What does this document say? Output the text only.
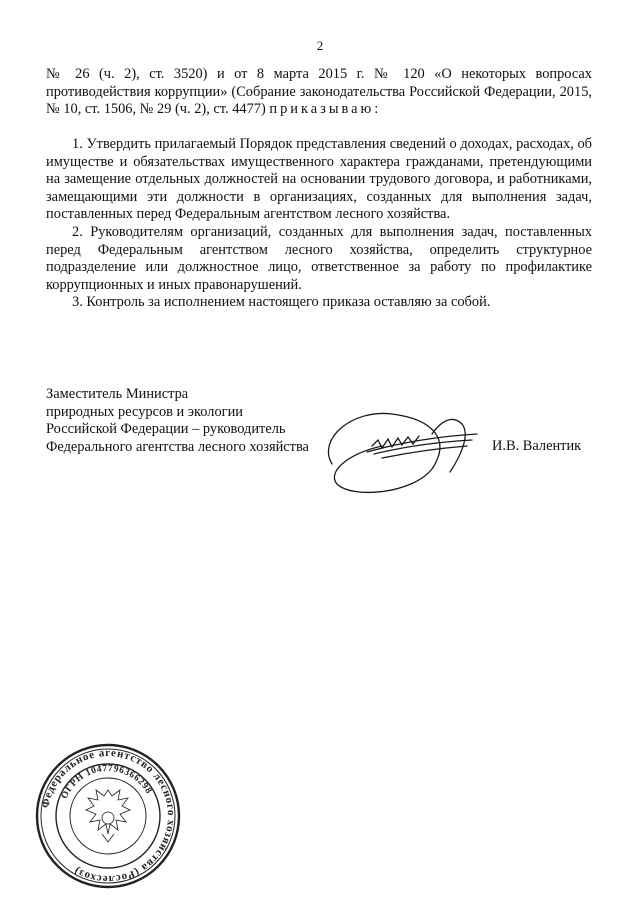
2
№ 26 (ч. 2), ст. 3520) и от 8 марта 2015 г. № 120 «О некоторых вопросах противодействия коррупции» (Собрание законодательства Российской Федерации, 2015, № 10, ст. 1506, № 29 (ч. 2), ст. 4477) приказываю:

1. Утвердить прилагаемый Порядок представления сведений о доходах, расходах, об имуществе и обязательствах имущественного характера гражданами, претендующими на замещение отдельных должностей на основании трудового договора, и работниками, замещающими эти должности в организациях, созданных для выполнения задач, поставленных перед Федеральным агентством лесного хозяйства.

2. Руководителям организаций, созданных для выполнения задач, поставленных перед Федеральным агентством лесного хозяйства, определить структурное подразделение или должностное лицо, ответственное за работу по профилактике коррупционных и иных правонарушений.

3. Контроль за исполнением настоящего приказа оставляю за собой.

Заместитель Министра
природных ресурсов и экологии
Российской Федерации – руководитель
Федерального агентства лесного хозяйства	И.В. Валентик
Федеральное агентство лесного хозяйства (Рослесхоз)
ОГРН 1047796366298
